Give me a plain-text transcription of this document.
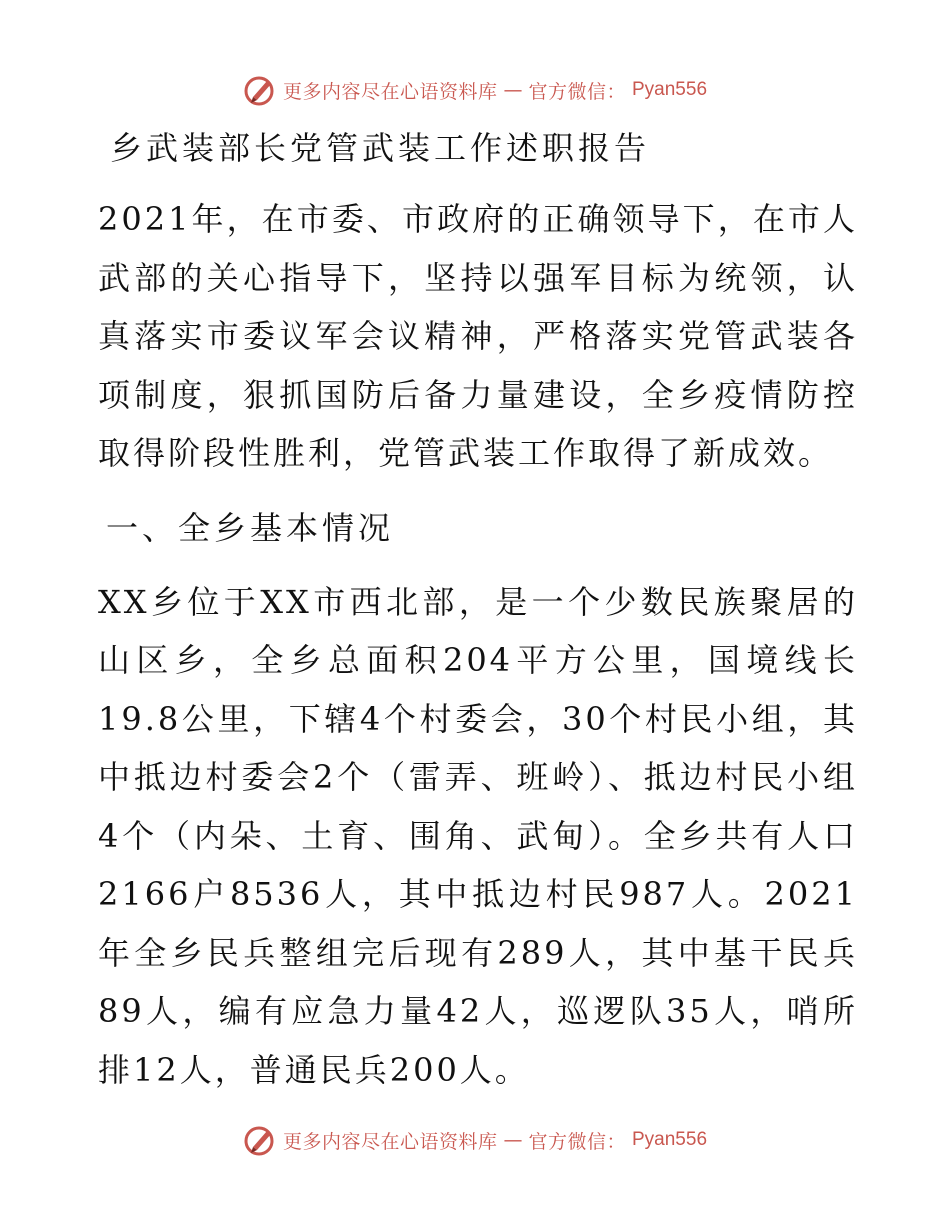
更多内容尽在心语资料库 — 官方微信： Pyan556
乡武装部长党管武装工作述职报告

2021年，在市委、市政府的正确领导下，在市人武部的关心指导下，坚持以强军目标为统领，认真落实市委议军会议精神，严格落实党管武装各项制度，狠抓国防后备力量建设，全乡疫情防控取得阶段性胜利，党管武装工作取得了新成效。

一、全乡基本情况

XX乡位于XX市西北部，是一个少数民族聚居的山区乡，全乡总面积204平方公里，国境线长19.8公里，下辖4个村委会，30个村民小组，其中抵边村委会2个（雷弄、班岭）、抵边村民小组4个（内朵、土育、围角、武甸）。全乡共有人口2166户8536人，其中抵边村民987人。2021年全乡民兵整组完后现有289人，其中基干民兵89人，编有应急力量42人，巡逻队35人，哨所排12人，普通民兵200人。

更多内容尽在心语资料库 — 官方微信： Pyan556
